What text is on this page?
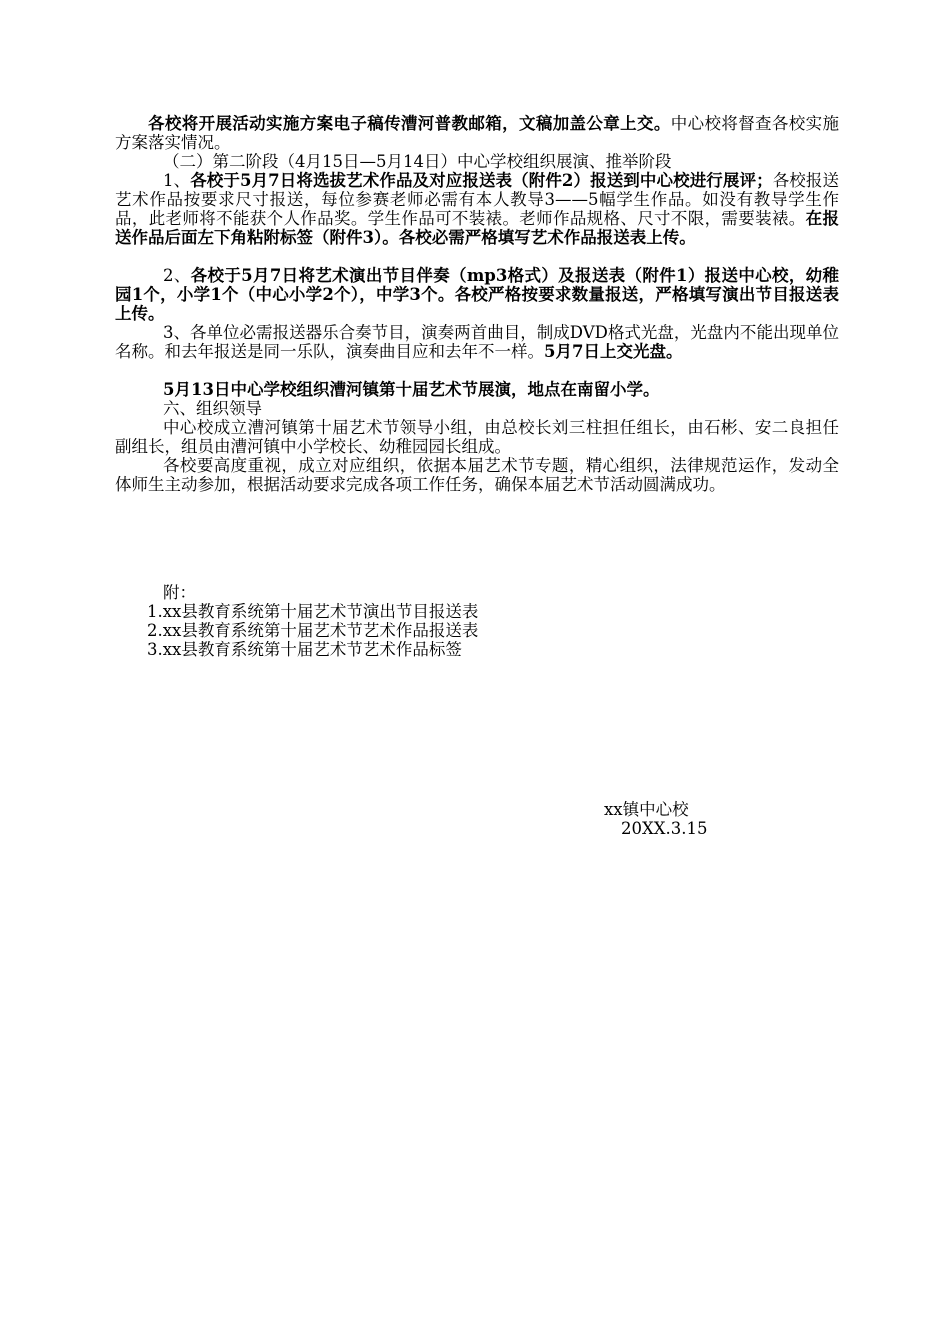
各校将开展活动实施方案电子稿传漕河普教邮箱，文稿加盖公章上交。中心校将督查各校实施方案落实情况。

（二）第二阶段（4月15日—5月14日）中心学校组织展演、推举阶段

1、各校于5月7日将选拔艺术作品及对应报送表（附件2）报送到中心校进行展评；各校报送艺术作品按要求尺寸报送，每位参赛老师必需有本人教导3——5幅学生作品。如没有教导学生作品，此老师将不能获个人作品奖。学生作品可不装裱。老师作品规格、尺寸不限，需要装裱。在报送作品后面左下角粘附标签（附件3）。各校必需严格填写艺术作品报送表上传。

2、各校于5月7日将艺术演出节目伴奏（mp3格式）及报送表（附件1）报送中心校，幼稚园1个，小学1个（中心小学2个），中学3个。各校严格按要求数量报送，严格填写演出节目报送表上传。

3、各单位必需报送器乐合奏节目，演奏两首曲目，制成DVD格式光盘，光盘内不能出现单位名称。和去年报送是同一乐队，演奏曲目应和去年不一样。5月7日上交光盘。

5月13日中心学校组织漕河镇第十届艺术节展演，地点在南留小学。

六、组织领导

中心校成立漕河镇第十届艺术节领导小组，由总校长刘三柱担任组长，由石彬、安二良担任副组长，组员由漕河镇中小学校长、幼稚园园长组成。

各校要高度重视，成立对应组织，依据本届艺术节专题，精心组织，法律规范运作，发动全体师生主动参加，根据活动要求完成各项工作任务，确保本届艺术节活动圆满成功。

附：
1.xx县教育系统第十届艺术节演出节目报送表
2.xx县教育系统第十届艺术节艺术作品报送表
3.xx县教育系统第十届艺术节艺术作品标签
xx镇中心校
20XX.3.15
